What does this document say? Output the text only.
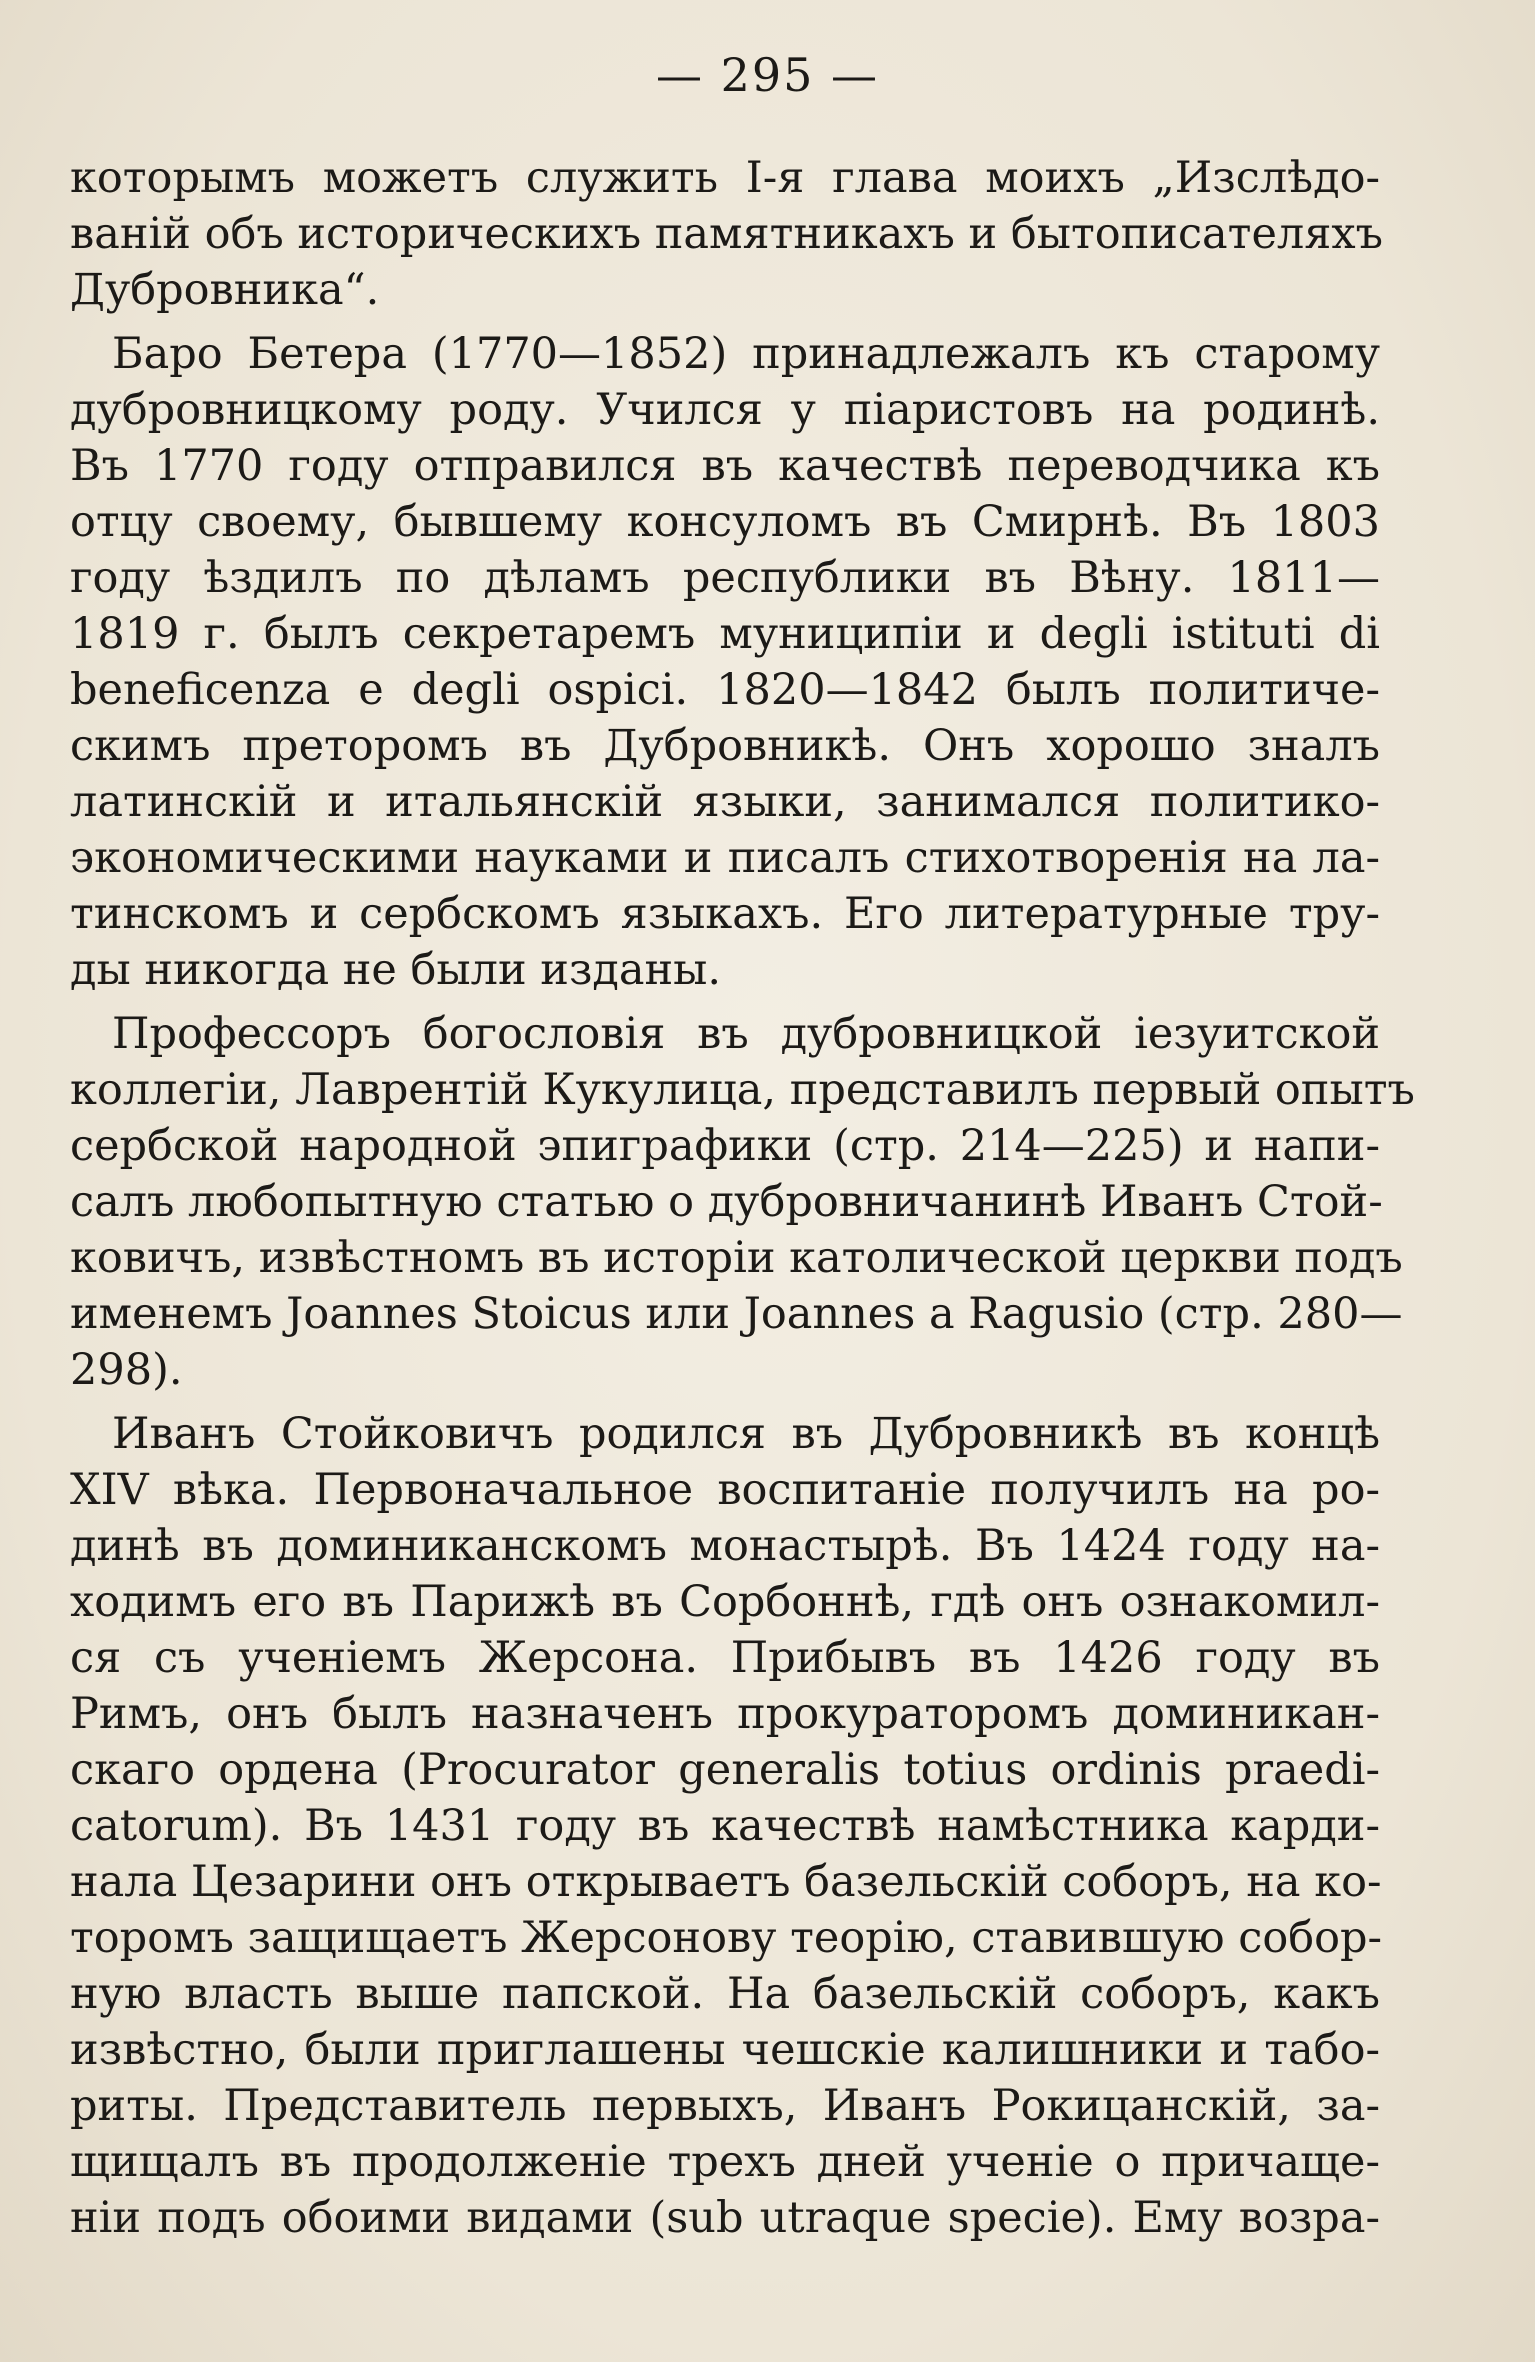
— 295 —
которымъ можетъ служить I-я глава моихъ „Изслѣдо-
ваній объ историческихъ памятникахъ и бытописателяхъ
Дубровника“.
Баро Бетера (1770—1852) принадлежалъ къ старому
дубровницкому роду. Учился у піаристовъ на родинѣ.
Въ 1770 году отправился въ качествѣ переводчика къ
отцу своему, бывшему консуломъ въ Смирнѣ. Въ 1803
году ѣздилъ по дѣламъ республики въ Вѣну. 1811—
1819 г. былъ секретаремъ муниципіи и degli istituti di
beneficenza e degli ospici. 1820—1842 былъ политиче-
скимъ преторомъ въ Дубровникѣ. Онъ хорошо зналъ
латинскій и итальянскій языки, занимался политико-
экономическими науками и писалъ стихотворенія на ла-
тинскомъ и сербскомъ языкахъ. Его литературные тру-
ды никогда не были изданы.
Професcоръ богословія въ дубровницкой іезуитской
коллегіи, Лаврентій Кукулица, представилъ первый опытъ
сербской народной эпиграфики (стр. 214—225) и напи-
салъ любопытную статью о дубровничанинѣ Иванъ Стой-
ковичъ, извѣстномъ въ исторіи католической церкви подъ
именемъ Joannes Stoicus или Joannes a Ragusio (стр. 280—
298).
Иванъ Стойковичъ родился въ Дубровникѣ въ концѣ
XIV вѣка. Первоначальное воспитаніе получилъ на ро-
динѣ въ доминиканскомъ монастырѣ. Въ 1424 году на-
ходимъ его въ Парижѣ въ Сорбоннѣ, гдѣ онъ ознакомил-
ся съ ученіемъ Жерсона. Прибывъ въ 1426 году въ
Римъ, онъ былъ назначенъ прокураторомъ доминикан-
скаго ордена (Procurator generalis totius ordinis praedi-
catorum). Въ 1431 году въ качествѣ намѣстника карди-
нала Цезарини онъ открываетъ базельскій соборъ, на ко-
торомъ защищаетъ Жерсонову теорію, ставившую собор-
ную власть выше папской. На базельскій соборъ, какъ
извѣстно, были приглашены чешскіе калишники и табо-
риты. Представитель первыхъ, Иванъ Рокицанскій, за-
щищалъ въ продолженіе трехъ дней ученіе о причаще-
ніи подъ обоими видами (sub utraque specie). Ему возра-
